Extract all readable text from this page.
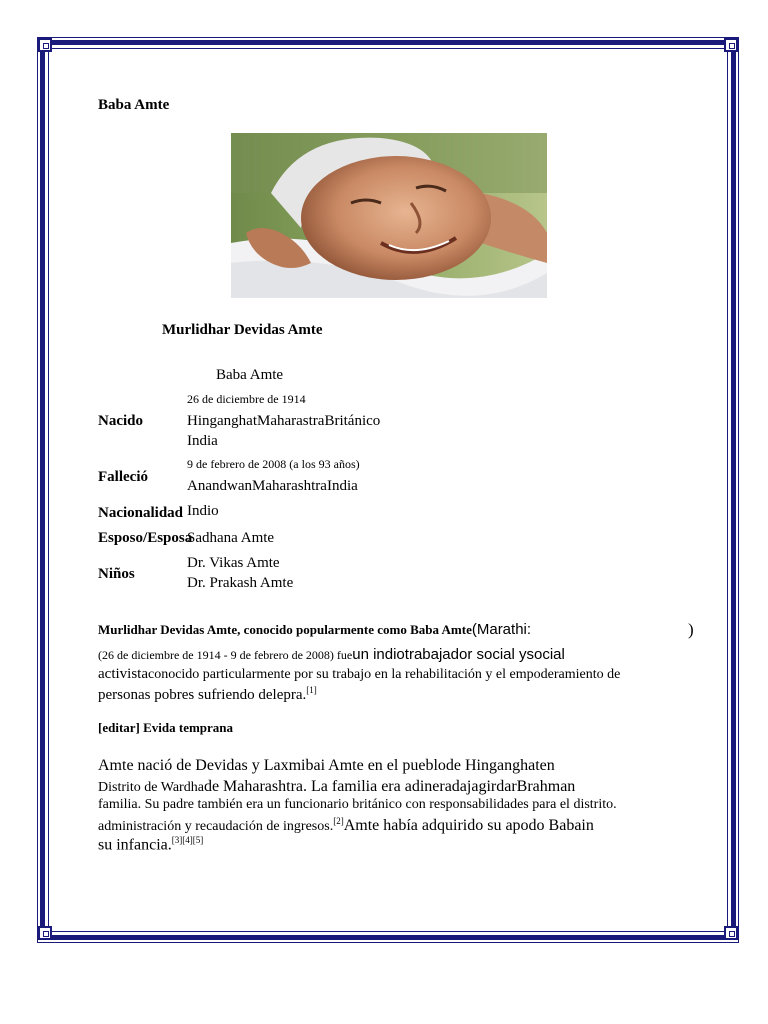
Baba Amte
Murlidhar Devidas Amte
Baba Amte
26 de diciembre de 1914
Nacido	HinganghatMaharastraBritánico
India
9 de febrero de 2008 (a los 93 años)
Falleció
AnandwanMaharashtraIndia
Nacionalidad Indio
Esposo/Esposa
Sadhana Amte
Niños
Dr. Vikas Amte
Dr. Prakash Amte
Murlidhar Devidas Amte, conocido popularmente como Baba Amte(Marathi:	)
(26 de diciembre de 1914 - 9 de febrero de 2008) fueun indiotrabajador social ysocial
activistaconocido particularmente por su trabajo en la rehabilitación y el empoderamiento de
personas pobres sufriendo delepra.[1]
[editar] Evida temprana
Amte nació de Devidas y Laxmibai Amte en el pueblode Hinganghaten
Distrito de Wardhade Maharashtra. La familia era adineradajagirdarBrahman
familia. Su padre también era un funcionario británico con responsabilidades para el distrito.
administración y recaudación de ingresos.[2]Amte había adquirido su apodo Babain
su infancia.[3][4][5]
